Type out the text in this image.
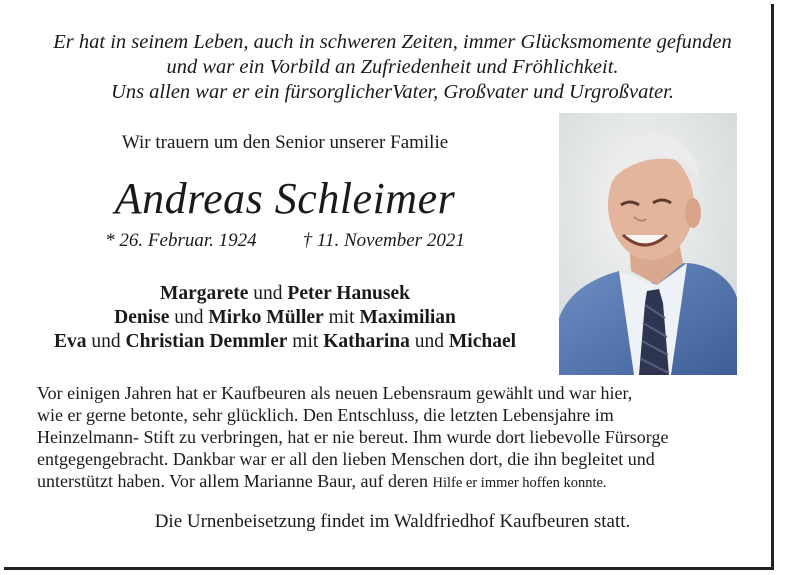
Er hat in seinem Leben, auch in schweren Zeiten, immer Glücksmomente gefunden
und war ein Vorbild an Zufriedenheit und Fröhlichkeit.
Uns allen war er ein fürsorglicherVater, Großvater und Urgroßvater.
Wir trauern um den Senior unserer Familie
Andreas Schleimer
* 26. Februar. 1924 † 11. November 2021
Margarete und Peter Hanusek
Denise und Mirko Müller mit Maximilian
Eva und Christian Demmler mit Katharina und Michael
Vor einigen Jahren hat er Kaufbeuren als neuen Lebensraum gewählt und war hier,
wie er gerne betonte, sehr glücklich. Den Entschluss, die letzten Lebensjahre im
Heinzelmann- Stift zu verbringen, hat er nie bereut. Ihm wurde dort liebevolle Fürsorge
entgegengebracht. Dankbar war er all den lieben Menschen dort, die ihn begleitet und
unterstützt haben. Vor allem Marianne Baur, auf deren Hilfe er immer hoffen konnte.
Die Urnenbeisetzung findet im Waldfriedhof Kaufbeuren statt.
